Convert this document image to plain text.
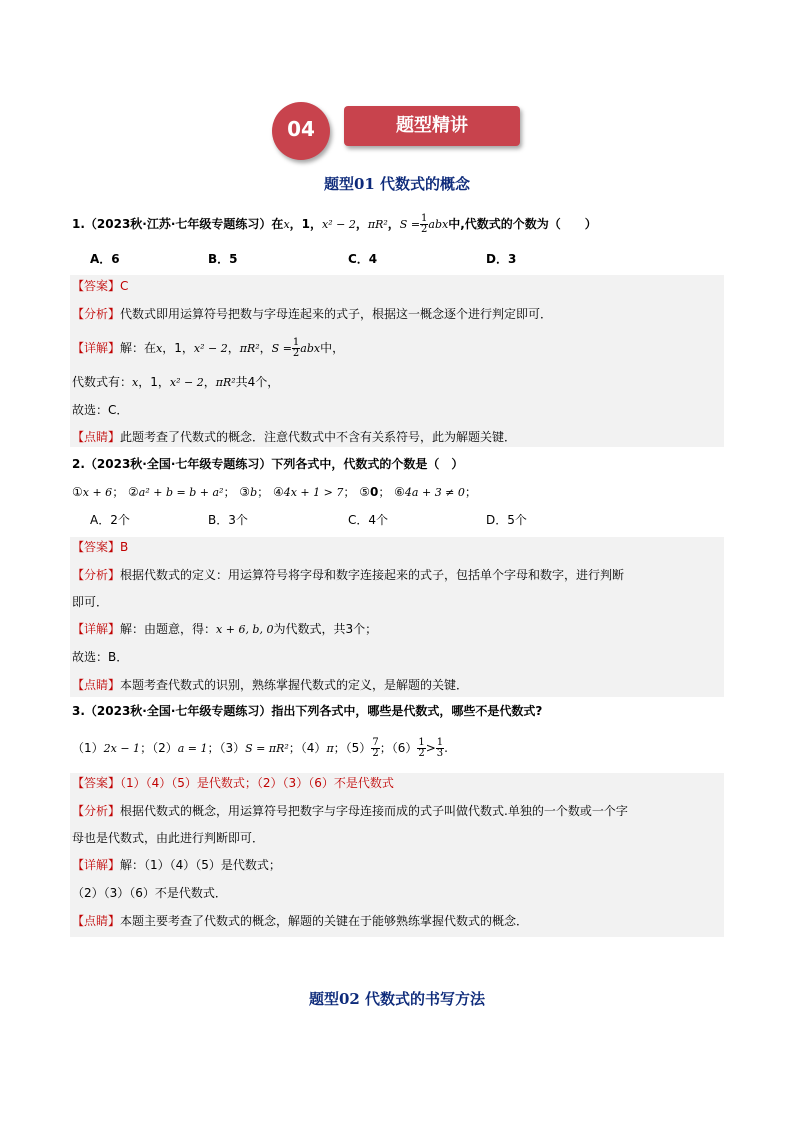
04	题型精讲
题型01 代数式的概念
1.（2023秋·江苏·七年级专题练习）在x，1，x² − 2，πR²，$S = \frac{1}{2}$ abx中,代数式的个数为（　　）
A．6	B．5	C．4	D．3
【答案】C
【分析】代数式即用运算符号把数与字母连起来的式子，根据这一概念逐个进行判定即可．
【详解】解：在x，1，x² − 2，πR²，$S = \frac{1}{2}$ abx中，
代数式有：x，1，x² − 2，πR²共4个，
故选：C．
【点睛】此题考查了代数式的概念．注意代数式中不含有关系符号，此为解题关键．
2.（2023秋·全国·七年级专题练习）下列各式中，代数式的个数是（　）
①x + 6； ②a² + b = b + a²； ③b； ④4x + 1 > 7； ⑤0； ⑥4a + 3 ≠ 0；
A．2个	B．3个	C．4个	D．5个
【答案】B
【分析】根据代数式的定义：用运算符号将字母和数字连接起来的式子，包括单个字母和数字，进行判断
即可．
【详解】解：由题意，得：x + 6, b, 0为代数式，共3个；
故选：B．
【点睛】本题考查代数式的识别，熟练掌握代数式的定义，是解题的关键．
3.（2023秋·全国·七年级专题练习）指出下列各式中，哪些是代数式，哪些不是代数式?
（1）2x − 1；（2）a = 1；（3）S = πR²；（4）π；$(5) \frac{7}{2}$ ；$(6) \frac{1}{2} > \frac{1}{3}$ .
【答案】（1）（4）（5）是代数式；（2）（3）（6）不是代数式
【分析】根据代数式的概念，用运算符号把数字与字母连接而成的式子叫做代数式.单独的一个数或一个字
母也是代数式，由此进行判断即可．
【详解】解：（1）（4）（5）是代数式；
（2）（3）（6）不是代数式．
【点睛】本题主要考查了代数式的概念，解题的关键在于能够熟练掌握代数式的概念．
题型02 代数式的书写方法
